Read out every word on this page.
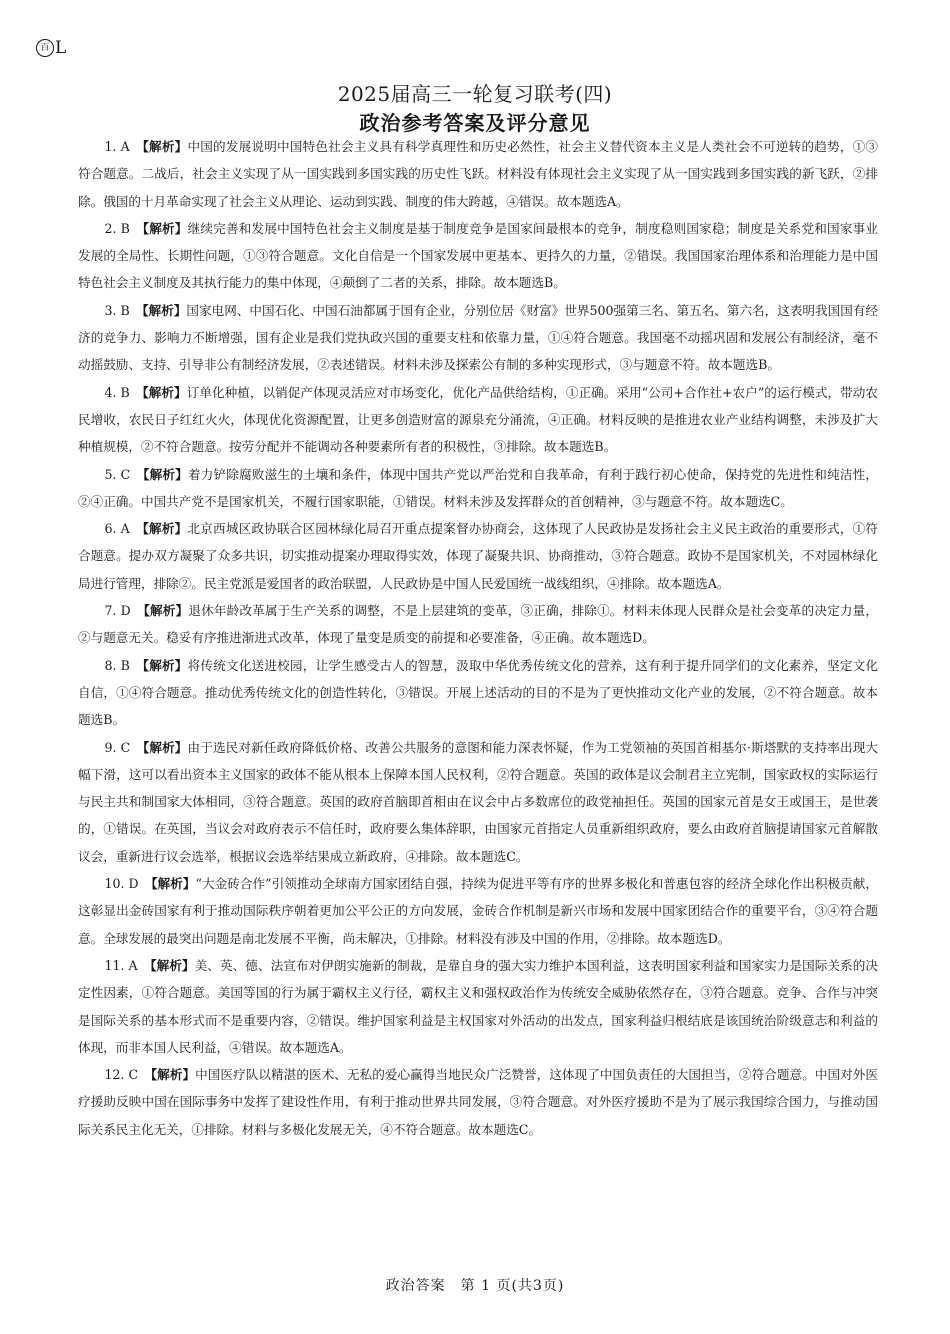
百 L
2025届高三一轮复习联考(四)
政治参考答案及评分意见

1. A 【解析】中国的发展说明中国特色社会主义具有科学真理性和历史必然性，社会主义替代资本主义是人类社会不可逆转的趋势，①③符合题意。二战后，社会主义实现了从一国实践到多国实践的历史性飞跃。材料没有体现社会主义实现了从一国实践到多国实践的新飞跃，②排除。俄国的十月革命实现了社会主义从理论、运动到实践、制度的伟大跨越，④错误。故本题选A。

2. B 【解析】继续完善和发展中国特色社会主义制度是基于制度竞争是国家间最根本的竞争，制度稳则国家稳；制度是关系党和国家事业发展的全局性、长期性问题，①③符合题意。文化自信是一个国家发展中更基本、更持久的力量，②错误。我国国家治理体系和治理能力是中国特色社会主义制度及其执行能力的集中体现，④颠倒了二者的关系，排除。故本题选B。

3. B 【解析】国家电网、中国石化、中国石油都属于国有企业，分别位居《财富》世界500强第三名、第五名、第六名，这表明我国国有经济的竞争力、影响力不断增强，国有企业是我们党执政兴国的重要支柱和依靠力量，①④符合题意。我国毫不动摇巩固和发展公有制经济，毫不动摇鼓励、支持、引导非公有制经济发展，②表述错误。材料未涉及探索公有制的多种实现形式，③与题意不符。故本题选B。

4. B 【解析】订单化种植，以销促产体现灵活应对市场变化，优化产品供给结构，①正确。采用“公司+合作社+农户”的运行模式，带动农民增收，农民日子红红火火，体现优化资源配置，让更多创造财富的源泉充分涌流，④正确。材料反映的是推进农业产业结构调整，未涉及扩大种植规模，②不符合题意。按劳分配并不能调动各种要素所有者的积极性，③排除。故本题选B。

5. C 【解析】着力铲除腐败滋生的土壤和条件，体现中国共产党以严治党和自我革命，有利于践行初心使命，保持党的先进性和纯洁性，②④正确。中国共产党不是国家机关，不履行国家职能，①错误。材料未涉及发挥群众的首创精神，③与题意不符。故本题选C。

6. A 【解析】北京西城区政协联合区园林绿化局召开重点提案督办协商会，这体现了人民政协是发扬社会主义民主政治的重要形式，①符合题意。提办双方凝聚了众多共识，切实推动提案办理取得实效，体现了凝聚共识、协商推动，③符合题意。政协不是国家机关，不对园林绿化局进行管理，排除②。民主党派是爱国者的政治联盟，人民政协是中国人民爱国统一战线组织，④排除。故本题选A。

7. D 【解析】退休年龄改革属于生产关系的调整，不是上层建筑的变革，③正确，排除①。材料未体现人民群众是社会变革的决定力量，②与题意无关。稳妥有序推进渐进式改革，体现了量变是质变的前提和必要准备，④正确。故本题选D。

8. B 【解析】将传统文化送进校园，让学生感受古人的智慧，汲取中华优秀传统文化的营养，这有利于提升同学们的文化素养，坚定文化自信，①④符合题意。推动优秀传统文化的创造性转化，③错误。开展上述活动的目的不是为了更快推动文化产业的发展，②不符合题意。故本题选B。

9. C 【解析】由于选民对新任政府降低价格、改善公共服务的意图和能力深表怀疑，作为工党领袖的英国首相基尔·斯塔默的支持率出现大幅下滑，这可以看出资本主义国家的政体不能从根本上保障本国人民权利，②符合题意。英国的政体是议会制君主立宪制，国家政权的实际运行与民主共和制国家大体相同，③符合题意。英国的政府首脑即首相由在议会中占多数席位的政党袖担任。英国的国家元首是女王或国王，是世袭的，①错误。在英国，当议会对政府表示不信任时，政府要么集体辞职，由国家元首指定人员重新组织政府，要么由政府首脑提请国家元首解散议会，重新进行议会选举，根据议会选举结果成立新政府，④排除。故本题选C。

10. D 【解析】“大金砖合作”引领推动全球南方国家团结自强，持续为促进平等有序的世界多极化和普惠包容的经济全球化作出积极贡献，这彰显出金砖国家有利于推动国际秩序朝着更加公平公正的方向发展，金砖合作机制是新兴市场和发展中国家团结合作的重要平台，③④符合题意。全球发展的最突出问题是南北发展不平衡，尚未解决，①排除。材料没有涉及中国的作用，②排除。故本题选D。

11. A 【解析】美、英、德、法宣布对伊朗实施新的制裁，是靠自身的强大实力维护本国利益，这表明国家利益和国家实力是国际关系的决定性因素，①符合题意。美国等国的行为属于霸权主义行径，霸权主义和强权政治作为传统安全威胁依然存在，③符合题意。竞争、合作与冲突是国际关系的基本形式而不是重要内容，②错误。维护国家利益是主权国家对外活动的出发点，国家利益归根结底是该国统治阶级意志和利益的体现，而非本国人民利益，④错误。故本题选A。

12. C 【解析】中国医疗队以精湛的医术、无私的爱心赢得当地民众广泛赞誉，这体现了中国负责任的大国担当，②符合题意。中国对外医疗援助反映中国在国际事务中发挥了建设性作用，有利于推动世界共同发展，③符合题意。对外医疗援助不是为了展示我国综合国力，与推动国际关系民主化无关，①排除。材料与多极化发展无关，④不符合题意。故本题选C。

政治答案　第 1 页(共3页)
